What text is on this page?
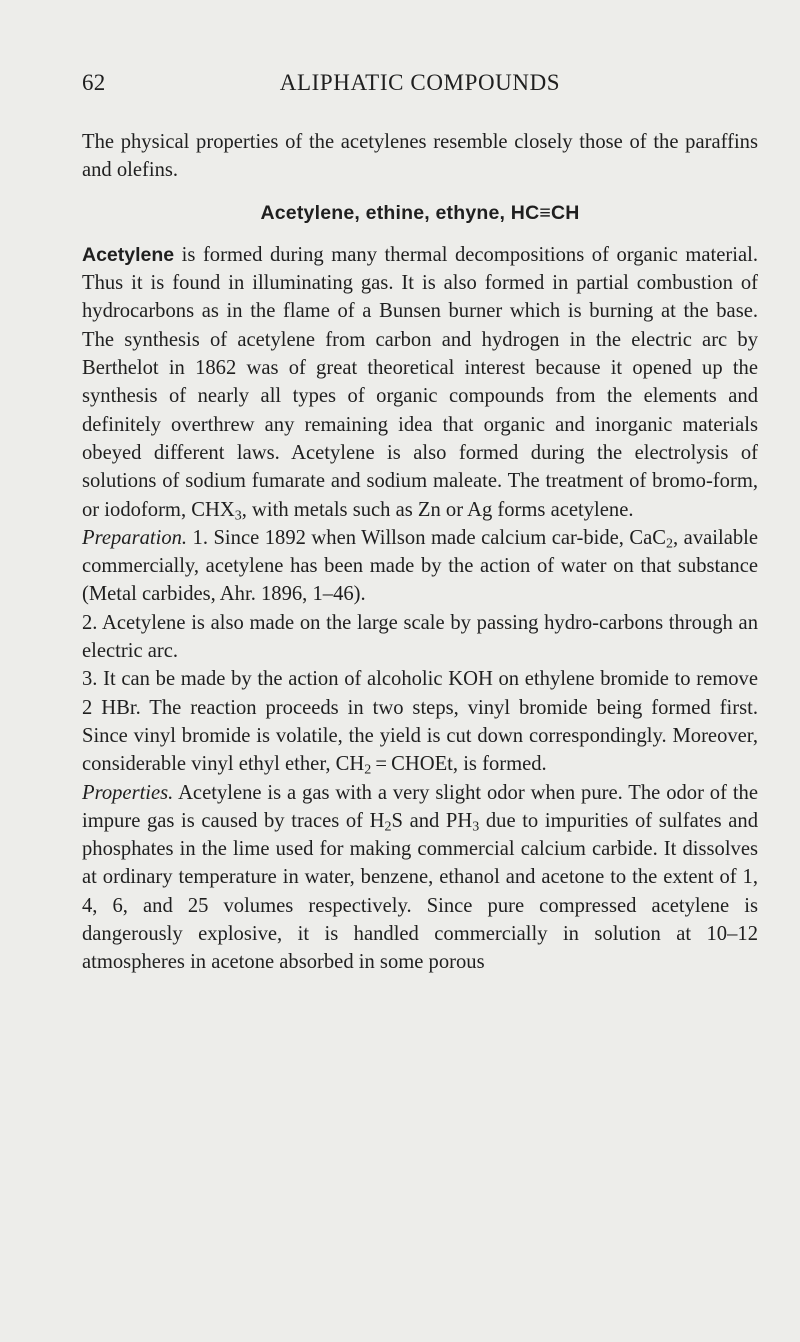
62	ALIPHATIC COMPOUNDS

The physical properties of the acetylenes resemble closely those of the paraffins and olefins.

Acetylene, ethine, ethyne, HC≡CH

Acetylene is formed during many thermal decompositions of organic material. Thus it is found in illuminating gas. It is also formed in partial combustion of hydrocarbons as in the flame of a Bunsen burner which is burning at the base. The synthesis of acetylene from carbon and hydrogen in the electric arc by Berthelot in 1862 was of great theoretical interest because it opened up the synthesis of nearly all types of organic compounds from the elements and definitely overthrew any remaining idea that organic and inorganic materials obeyed different laws. Acetylene is also formed during the electrolysis of solutions of sodium fumarate and sodium maleate. The treatment of bromo-form, or iodoform, $CHX_3$, with metals such as Zn or Ag forms acetylene.

Preparation. 1. Since 1892 when Willson made calcium car-bide, CaC$_2$, available commercially, acetylene has been made by the action of water on that substance (Metal carbides, Ahr. 1896, 1–46).

2. Acetylene is also made on the large scale by passing hydro-carbons through an electric arc.

3. It can be made by the action of alcoholic KOH on ethylene bromide to remove 2 HBr. The reaction proceeds in two steps, vinyl bromide being formed first. Since vinyl bromide is volatile, the yield is cut down correspondingly. Moreover, considerable vinyl ethyl ether, $CH_2$ = CHOEt, is formed.

Properties. Acetylene is a gas with a very slight odor when pure. The odor of the impure gas is caused by traces of $H_2S$ and $PH_3$ due to impurities of sulfates and phosphates in the lime used for making commercial calcium carbide. It dissolves at ordinary temperature in water, benzene, ethanol and acetone to the extent of 1, 4, 6, and 25 volumes respectively. Since pure compressed acetylene is dangerously explosive, it is handled commercially in solution at 10–12 atmospheres in acetone absorbed in some porous
